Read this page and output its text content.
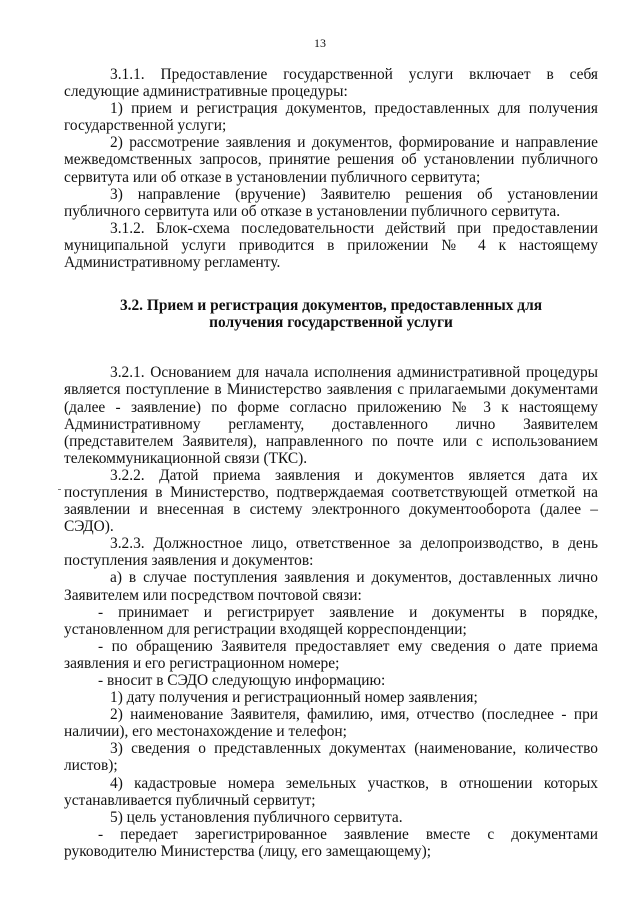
13

3.1.1. Предоставление государственной услуги включает в себя следующие административные процедуры:

1) прием и регистрация документов, предоставленных для получения государственной услуги;

2) рассмотрение заявления и документов, формирование и направление межведомственных запросов, принятие решения об установлении публичного сервитута или об отказе в установлении публичного сервитута;

3) направление (вручение) Заявителю решения об установлении публичного сервитута или об отказе в установлении публичного сервитута.

3.1.2. Блок-схема последовательности действий при предоставлении муниципальной услуги приводится в приложении № 4 к настоящему Административному регламенту.

3.2. Прием и регистрация документов, предоставленных для

получения государственной услуги

3.2.1. Основанием для начала исполнения административной процедуры является поступление в Министерство заявления с прилагаемыми документами (далее - заявление) по форме согласно приложению № 3 к настоящему Административному регламенту, доставленного лично Заявителем (представителем Заявителя), направленного по почте или с использованием телекоммуникационной связи (ТКС).

3.2.2. Датой приема заявления и документов является дата их поступления в Министерство, подтверждаемая соответствующей отметкой на заявлении и внесенная в систему электронного документооборота (далее – СЭДО).

3.2.3. Должностное лицо, ответственное за делопроизводство, в день поступления заявления и документов:

а) в случае поступления заявления и документов, доставленных лично Заявителем или посредством почтовой связи:

- принимает и регистрирует заявление и документы в порядке, установленном для регистрации входящей корреспонденции;

- по обращению Заявителя предоставляет ему сведения о дате приема заявления и его регистрационном номере;

- вносит в СЭДО следующую информацию:

1) дату получения и регистрационный номер заявления;

2) наименование Заявителя, фамилию, имя, отчество (последнее - при наличии), его местонахождение и телефон;

3) сведения о представленных документах (наименование, количество листов);

4) кадастровые номера земельных участков, в отношении которых устанавливается публичный сервитут;

5) цель установления публичного сервитута.

- передает зарегистрированное заявление вместе с документами руководителю Министерства (лицу, его замещающему);
